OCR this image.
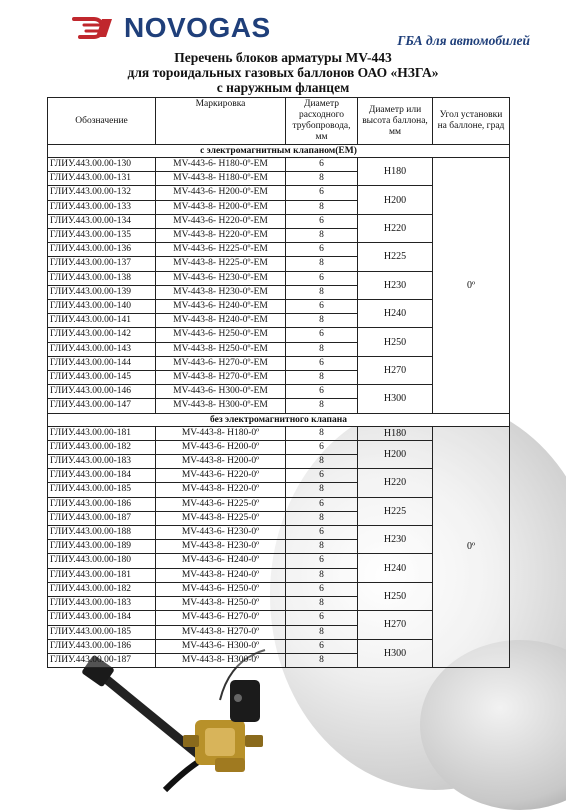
NOVOGAS	ГБА для автомобилей
Перечень блоков арматуры MV-443
для тороидальных газовых баллонов ОАО «НЗГА»
с наружным фланцем
Обозначение	Маркировка	Диаметр расходного трубопровода, мм	Диаметр или высота баллона, мм	Угол установки на баллоне, град
с электромагнитным клапаном(ЕМ)				
ГЛИУ.443.00.00-130	MV-443-6- H180-0º-EM	6	H180	0º
ГЛИУ.443.00.00-131	MV-443-8- H180-0º-EM	8		
ГЛИУ.443.00.00-132	MV-443-6- H200-0º-EM	6	H200	
ГЛИУ.443.00.00-133	MV-443-8- H200-0º-EM	8		
ГЛИУ.443.00.00-134	MV-443-6- H220-0º-EM	6	H220	
ГЛИУ.443.00.00-135	MV-443-8- H220-0º-EM	8		
ГЛИУ.443.00.00-136	MV-443-6- H225-0º-EM	6	H225	
ГЛИУ.443.00.00-137	MV-443-8- H225-0º-EM	8		
ГЛИУ.443.00.00-138	MV-443-6- H230-0º-EM	6	H230	
ГЛИУ.443.00.00-139	MV-443-8- H230-0º-EM	8		
ГЛИУ.443.00.00-140	MV-443-6- H240-0º-EM	6	H240	
ГЛИУ.443.00.00-141	MV-443-8- H240-0º-EM	8		
ГЛИУ.443.00.00-142	MV-443-6- H250-0º-EM	6	H250	
ГЛИУ.443.00.00-143	MV-443-8- H250-0º-EM	8		
ГЛИУ.443.00.00-144	MV-443-6- H270-0º-EM	6	H270	
ГЛИУ.443.00.00-145	MV-443-8- H270-0º-EM	8		
ГЛИУ.443.00.00-146	MV-443-6- H300-0º-EM	6	H300	
ГЛИУ.443.00.00-147	MV-443-8- H300-0º-EM	8		
без электромагнитного клапана				
ГЛИУ.443.00.00-181	MV-443-8- H180-0º	8	H180	0º
ГЛИУ.443.00.00-182	MV-443-6- H200-0º	6	H200	
ГЛИУ.443.00.00-183	MV-443-8- H200-0º	8		
ГЛИУ.443.00.00-184	MV-443-6- H220-0º	6	H220	
ГЛИУ.443.00.00-185	MV-443-8- H220-0º	8		
ГЛИУ.443.00.00-186	MV-443-6- H225-0º	6	H225	
ГЛИУ.443.00.00-187	MV-443-8- H225-0º	8		
ГЛИУ.443.00.00-188	MV-443-6- H230-0º	6	H230	
ГЛИУ.443.00.00-189	MV-443-8- H230-0º	8		
ГЛИУ.443.00.00-180	MV-443-6- H240-0º	6	H240	
ГЛИУ.443.00.00-181	MV-443-8- H240-0º	8		
ГЛИУ.443.00.00-182	MV-443-6- H250-0º	6	H250	
ГЛИУ.443.00.00-183	MV-443-8- H250-0º	8		
ГЛИУ.443.00.00-184	MV-443-6- H270-0º	6	H270	
ГЛИУ.443.00.00-185	MV-443-8- H270-0º	8		
ГЛИУ.443.00.00-186	MV-443-6- H300-0º	6	H300	
ГЛИУ.443.00.00-187	MV-443-8- H300-0º	8		
